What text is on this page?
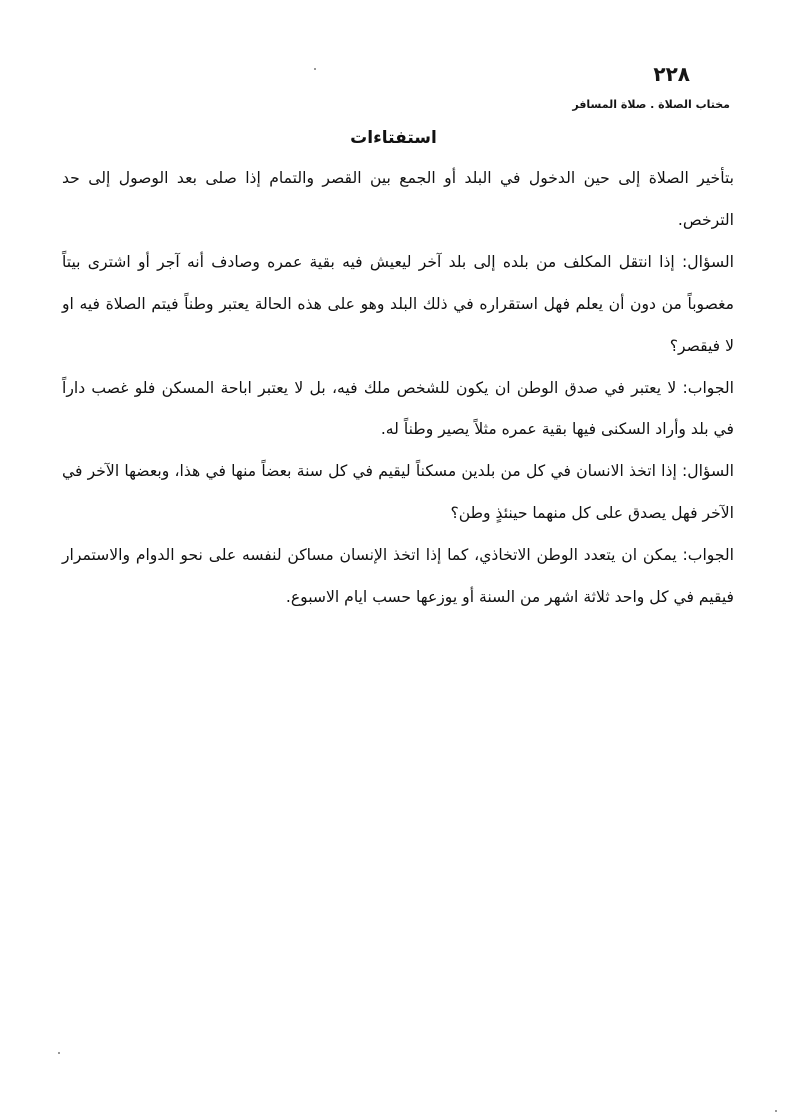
٢٢٨
مختاب الصلاة . صلاة المسافر
استفتاءات

بتأخير الصلاة إلى حين الدخول في البلد أو الجمع بين القصر والتمام إذا صلى بعد الوصول إلى حد الترخص.

السؤال: إذا انتقل المكلف من بلده إلى بلد آخر ليعيش فيه بقية عمره وصادف أنه آجر أو اشترى بيتاً مغصوباً من دون أن يعلم فهل استقراره في ذلك البلد وهو على هذه الحالة يعتبر وطناً فيتم الصلاة فيه او لا فيقصر؟

الجواب: لا يعتبر في صدق الوطن ان يكون للشخص ملك فيه، بل لا يعتبر اباحة المسكن فلو غصب داراً في بلد وأراد السكنى فيها بقية عمره مثلاً يصير وطناً له.

السؤال: إذا اتخذ الانسان في كل من بلدين مسكناً ليقيم في كل سنة بعضاً منها في هذا، وبعضها الآخر في الآخر فهل يصدق على كل منهما حينئذٍ وطن؟

الجواب: يمكن ان يتعدد الوطن الاتخاذي، كما إذا اتخذ الإنسان مساكن لنفسه على نحو الدوام والاستمرار فيقيم في كل واحد ثلاثة اشهر من السنة أو يوزعها حسب ايام الاسبوع.
